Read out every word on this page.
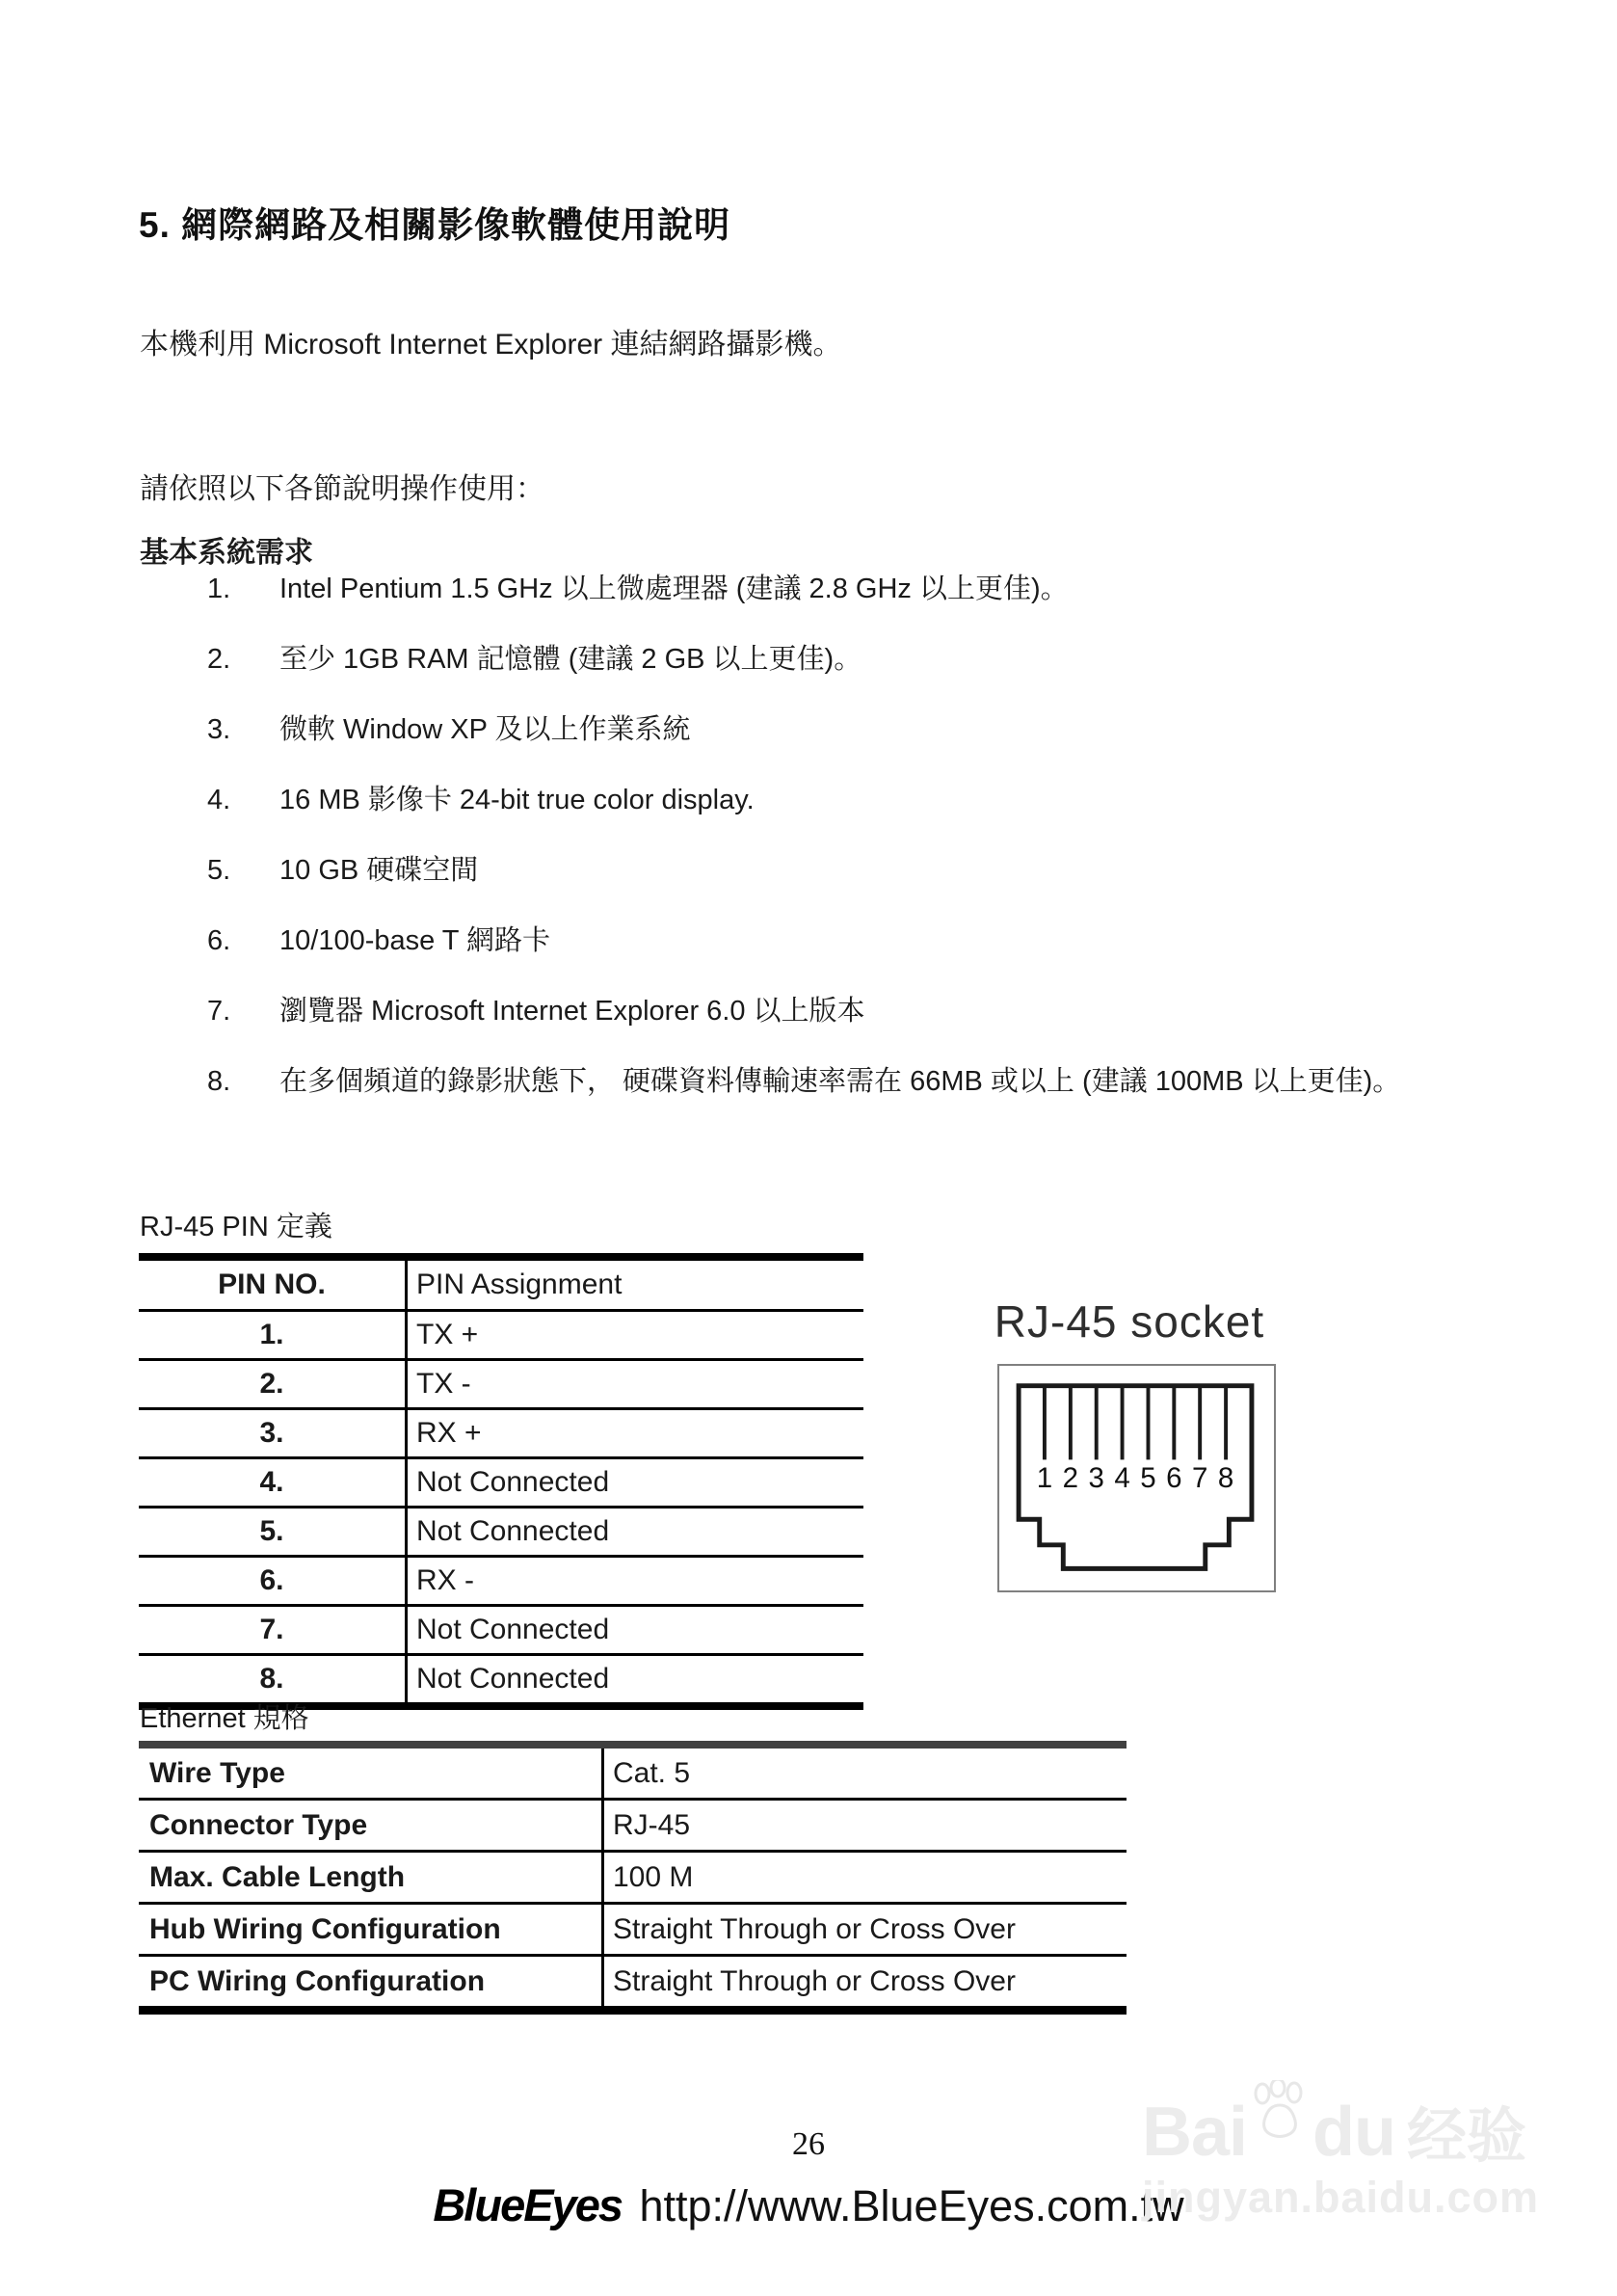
5. 網際網路及相關影像軟體使用說明

本機利用 Microsoft Internet Explorer 連結網路攝影機。

請依照以下各節說明操作使用：

基本系統需求
1.	Intel Pentium 1.5 GHz 以上微處理器 (建議 2.8 GHz 以上更佳)。
2.	至少 1GB RAM 記憶體 (建議 2 GB 以上更佳)。
3.	微軟 Window XP 及以上作業系統
4.	16 MB 影像卡 24-bit true color display.
5.	10 GB 硬碟空間
6.	10/100-base T 網路卡
7.	瀏覽器 Microsoft Internet Explorer 6.0 以上版本
8.	在多個頻道的錄影狀態下， 硬碟資料傳輸速率需在 66MB 或以上 (建議 100MB 以上更佳)。
RJ-45 PIN 定義
PIN NO.	PIN Assignment
1.	TX +
2.	TX -
3.	RX +
4.	Not Connected
5.	Not Connected
6.	RX -
7.	Not Connected
8.	Not Connected
RJ-45 socket
1 2 3 4 5 6 7 8
Ethernet 規格
Wire Type	Cat. 5
Connector Type	RJ-45
Max. Cable Length	100 M
Hub Wiring Configuration	Straight Through or Cross Over
PC Wiring Configuration	Straight Through or Cross Over
26
BlueEyes http://www.BlueEyes.com.tw
Bai du 经验
jingyan.baidu.com
